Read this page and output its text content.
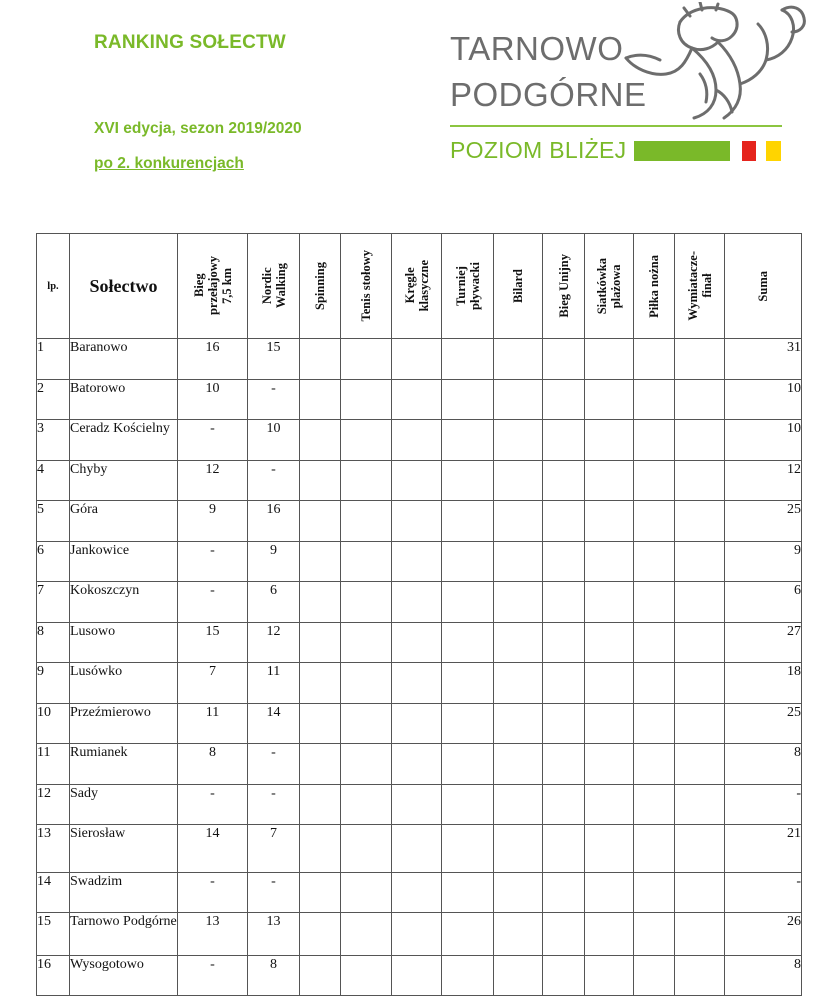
RANKING SOŁECTW
XVI edycja, sezon 2019/2020
po 2. konkurencjach
TARNOWO
PODGÓRNE
POZIOM BLIŻEJ
lp.	Sołectwo	Bieg
przełajowy
7,5 km	Nordic
Walking	Spinning	Tenis stołowy	Kręgle
klasyczne	Turniej
pływacki	Bilard	Bieg Unijny	Siatkówka
plażowa	Piłka nożna	Wymiatacze-
finał	Suma

1	Baranowo	16	15										31
2	Batorowo	10	-										10
3	Ceradz Kościelny	-	10										10
4	Chyby	12	-										12
5	Góra	9	16										25
6	Jankowice	-	9										9
7	Kokoszczyn	-	6										6
8	Lusowo	15	12										27
9	Lusówko	7	11										18
10	Przeźmierowo	11	14										25
11	Rumianek	8	-										8
12	Sady	-	-										-
13	Sierosław	14	7										21
14	Swadzim	-	-										-
15	Tarnowo Podgórne	13	13										26
16	Wysogotowo	-	8										8
